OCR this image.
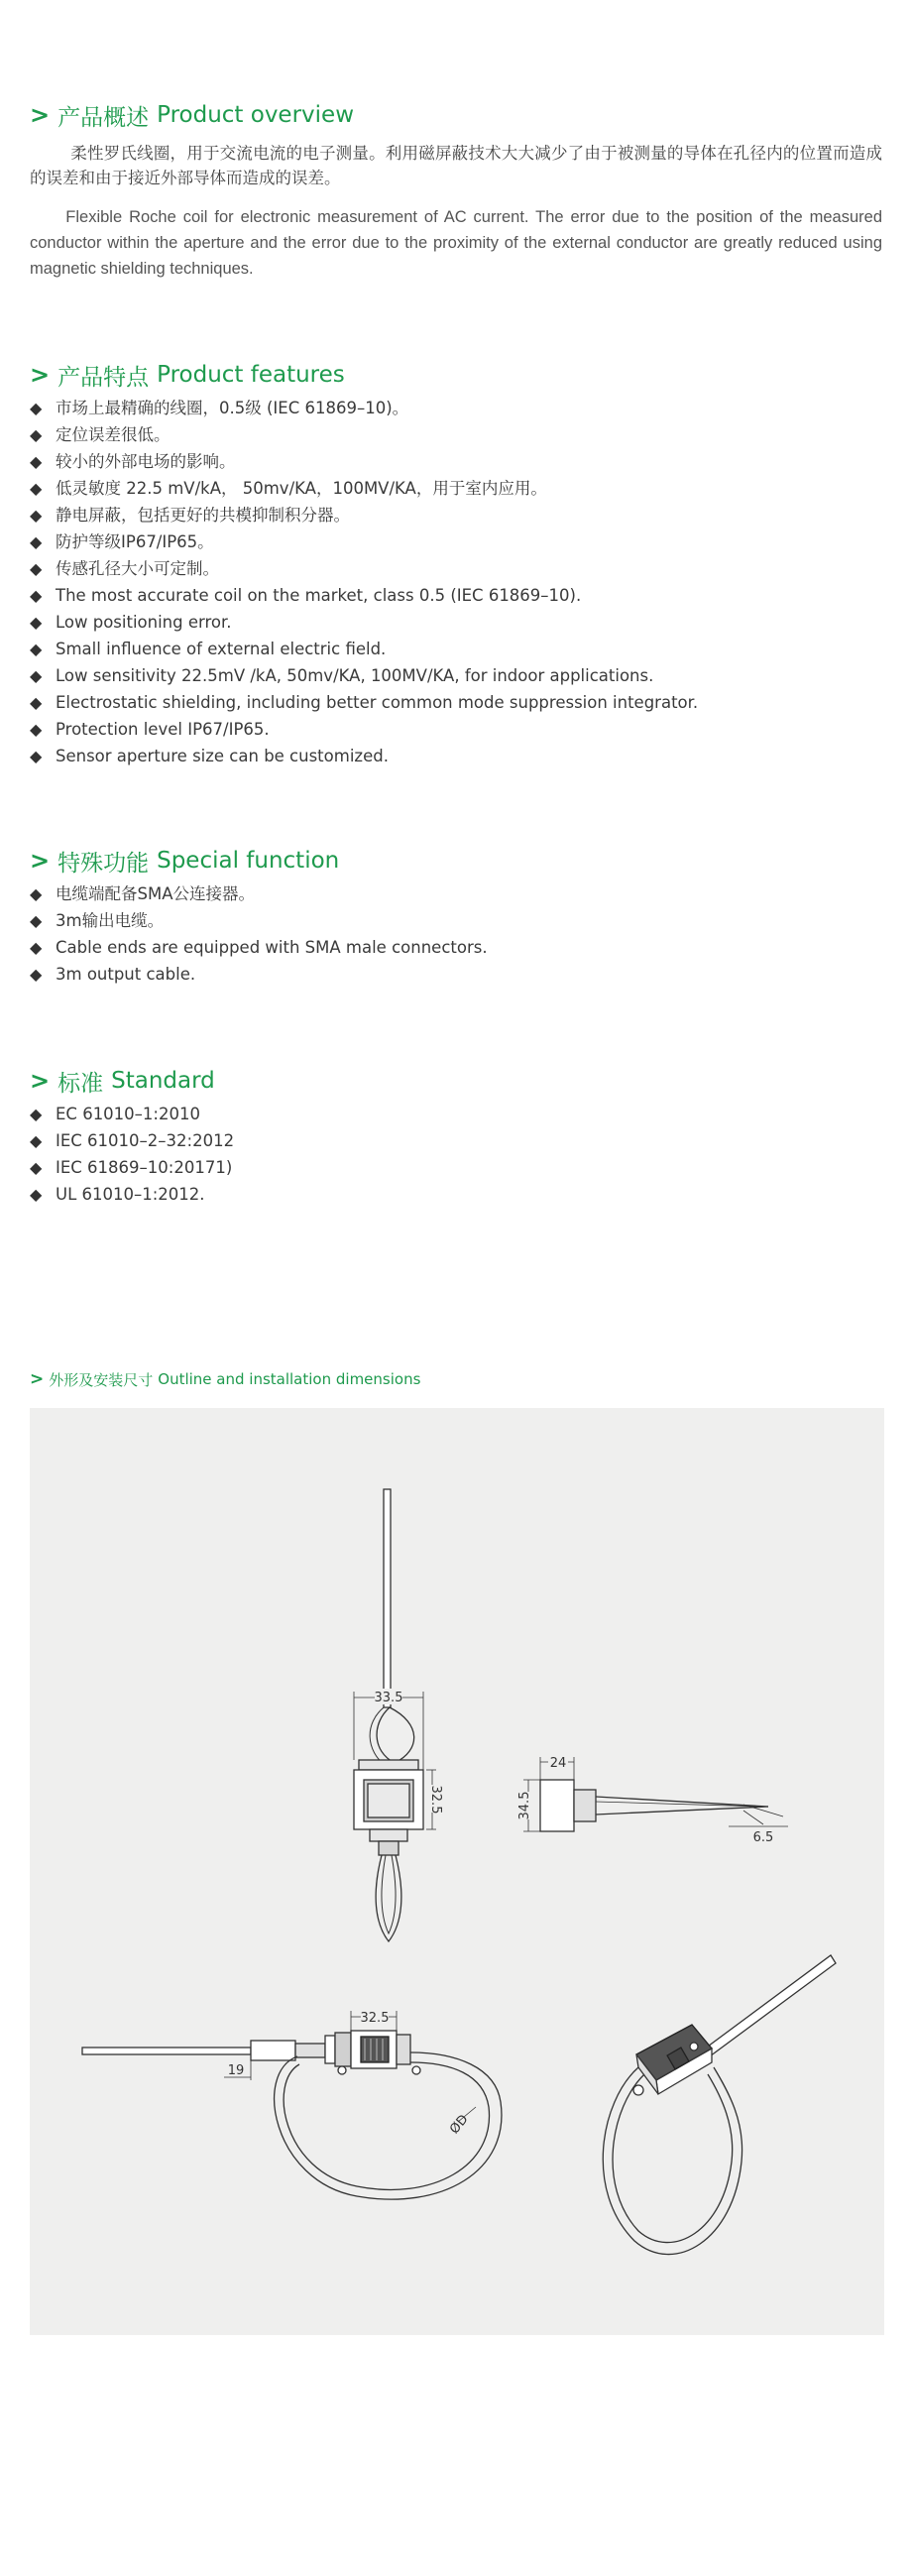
> 产品概述 Product overview

柔性罗氏线圈，用于交流电流的电子测量。利用磁屏蔽技术大大减少了由于被测量的导体在孔径内的位置而造成的误差和由于接近外部导体而造成的误差。

Flexible Roche coil for electronic measurement of AC current. The error due to the position of the measured conductor within the aperture and the error due to the proximity of the external conductor are greatly reduced using magnetic shielding techniques.

> 产品特点 Product features
◆ 市场上最精确的线圈，0.5级 (IEC 61869–10)。
◆ 定位误差很低。
◆ 较小的外部电场的影响。
◆ 低灵敏度 22.5 mV/kA， 50mv/KA，100MV/KA，用于室内应用。
◆ 静电屏蔽，包括更好的共模抑制积分器。
◆ 防护等级IP67/IP65。
◆ 传感孔径大小可定制。
◆ The most accurate coil on the market, class 0.5 (IEC 61869–10).
◆ Low positioning error.
◆ Small influence of external electric field.
◆ Low sensitivity 22.5mV /kA, 50mv/KA, 100MV/KA, for indoor applications.
◆ Electrostatic shielding, including better common mode suppression integrator.
◆ Protection level IP67/IP65.
◆ Sensor aperture size can be customized.
> 特殊功能 Special function
◆ 电缆端配备SMA公连接器。
◆ 3m输出电缆。
◆ Cable ends are equipped with SMA male connectors.
◆ 3m output cable.
> 标准 Standard
◆ EC 61010–1:2010
◆ IEC 61010–2–32:2012
◆ IEC 61869–10:20171)
◆ UL 61010–1:2012.
> 外形及安装尺寸 Outline and installation dimensions
33.5
32.5
24
34.5
6.5
32.5
19
ØD
